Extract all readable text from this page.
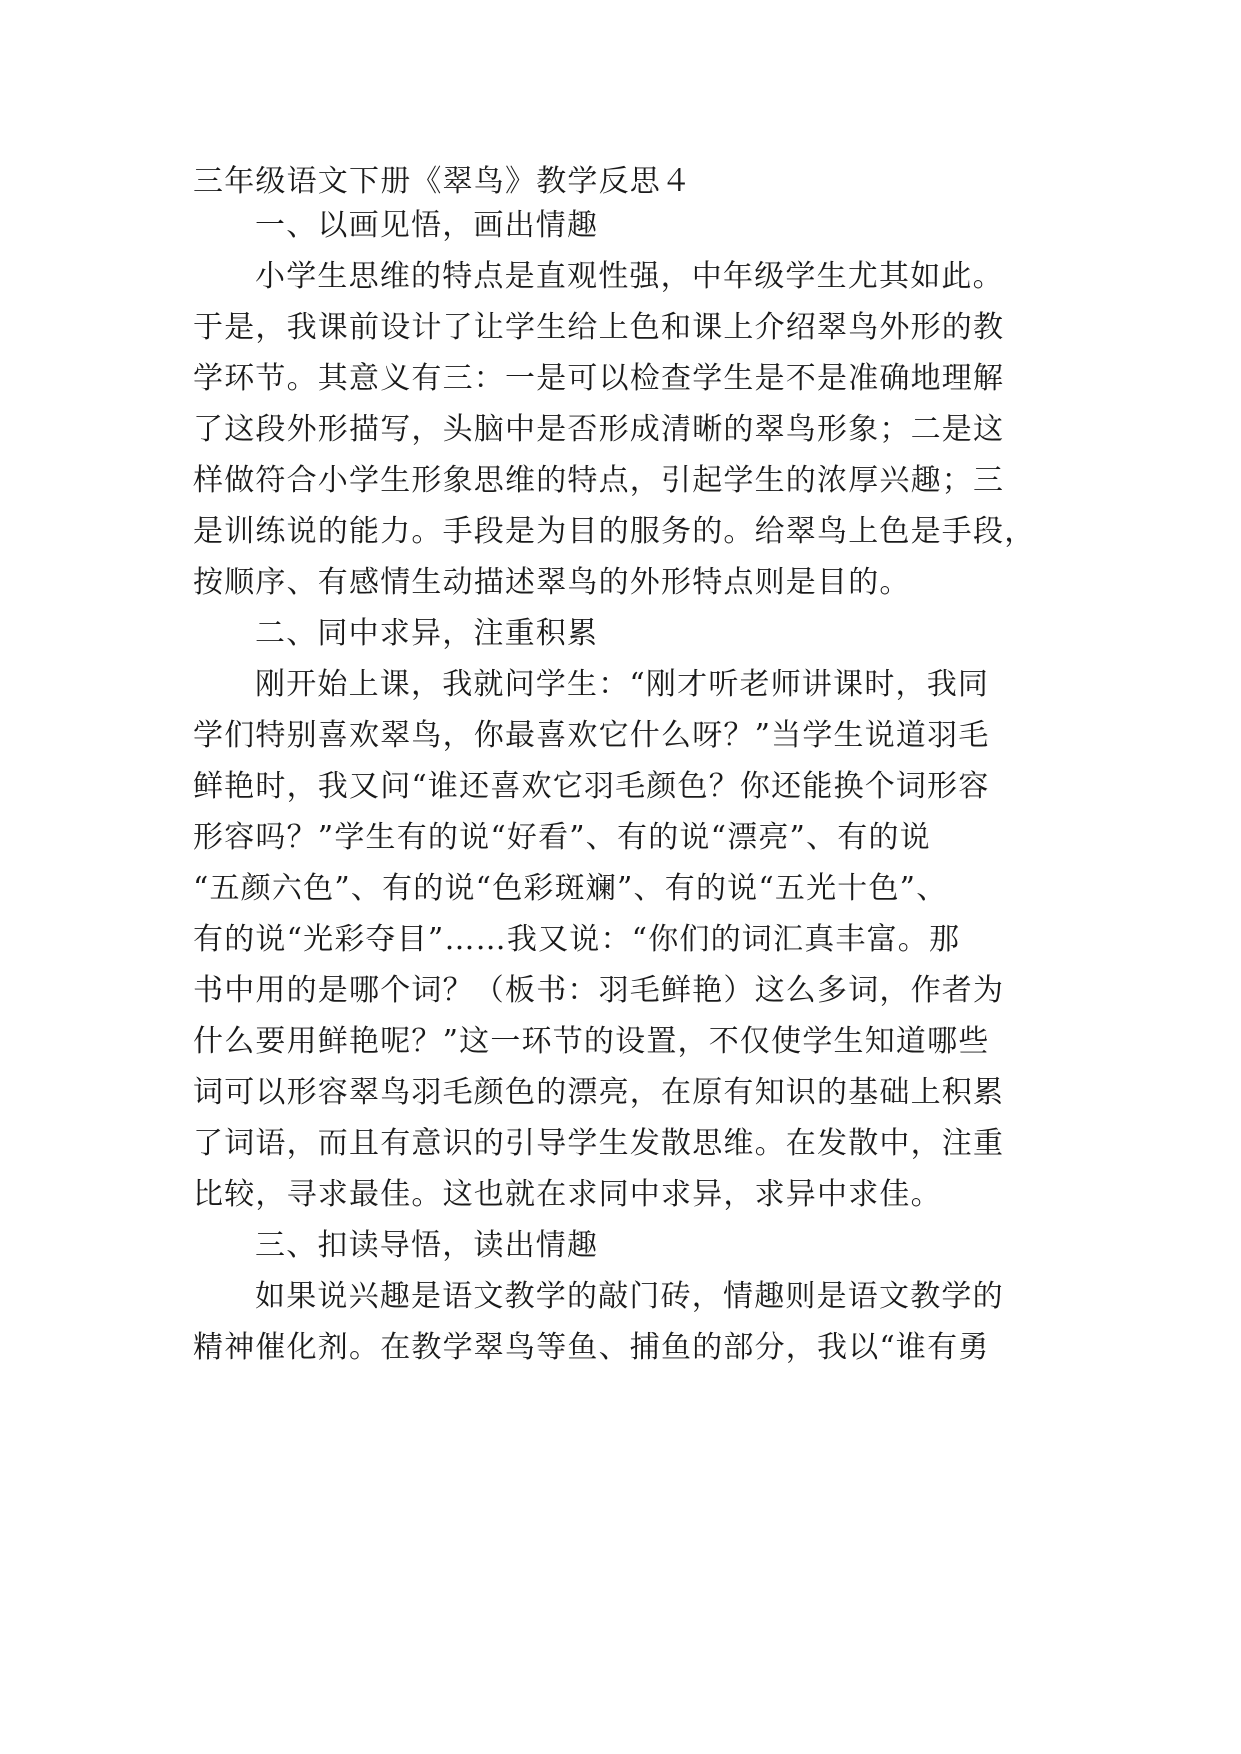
三年级语文下册《翠鸟》教学反思４
一、以画见悟，画出情趣
小学生思维的特点是直观性强，中年级学生尤其如此。
于是，我课前设计了让学生给上色和课上介绍翠鸟外形的教
学环节。其意义有三：一是可以检查学生是不是准确地理解
了这段外形描写，头脑中是否形成清晰的翠鸟形象；二是这
样做符合小学生形象思维的特点，引起学生的浓厚兴趣；三
是训练说的能力。手段是为目的服务的。给翠鸟上色是手段，
按顺序、有感情生动描述翠鸟的外形特点则是目的。
二、同中求异，注重积累
刚开始上课，我就问学生：“刚才听老师讲课时，我同
学们特别喜欢翠鸟，你最喜欢它什么呀？”当学生说道羽毛
鲜艳时，我又问“谁还喜欢它羽毛颜色？你还能换个词形容
形容吗？”学生有的说“好看”、有的说“漂亮”、有的说
“五颜六色”、有的说“色彩斑斓”、有的说“五光十色”、
有的说“光彩夺目”……我又说：“你们的词汇真丰富。那
书中用的是哪个词？（板书：羽毛鲜艳）这么多词，作者为
什么要用鲜艳呢？”这一环节的设置，不仅使学生知道哪些
词可以形容翠鸟羽毛颜色的漂亮，在原有知识的基础上积累
了词语，而且有意识的引导学生发散思维。在发散中，注重
比较，寻求最佳。这也就在求同中求异，求异中求佳。
三、扣读导悟，读出情趣
如果说兴趣是语文教学的敲门砖，情趣则是语文教学的
精神催化剂。在教学翠鸟等鱼、捕鱼的部分，我以“谁有勇
